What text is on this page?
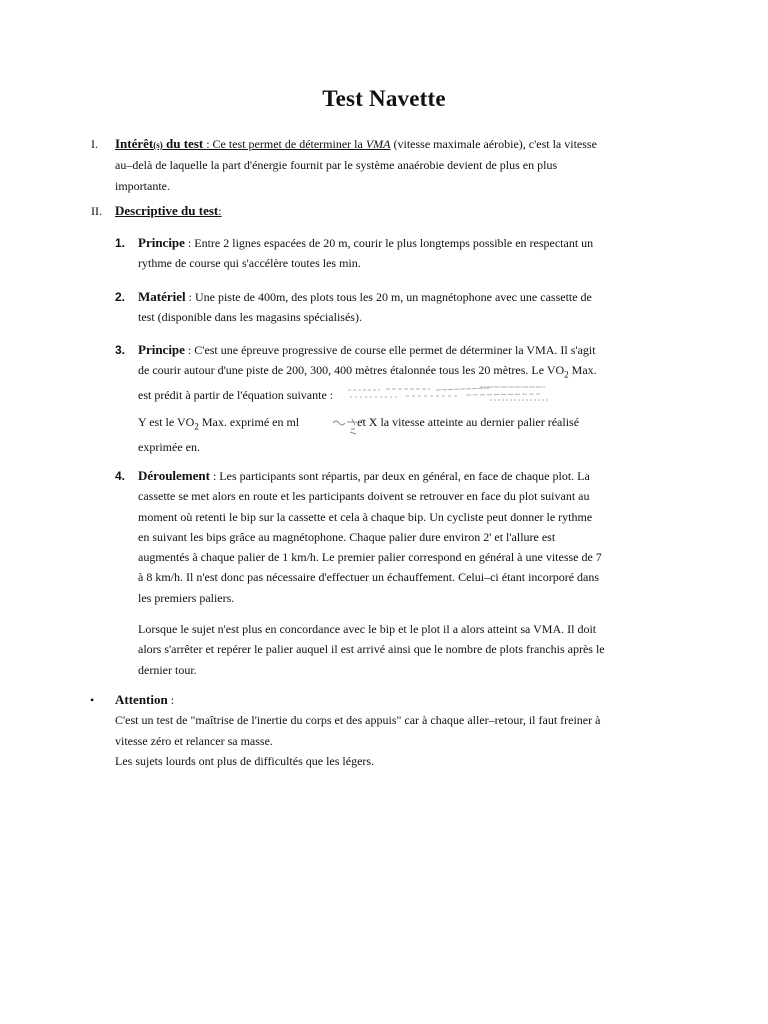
Test Navette
I. Intérêt(s) du test : Ce test permet de déterminer la VMA (vitesse maximale aérobie), c'est la vitesse
au–delà de laquelle la part d'énergie fournit par le système anaérobie devient de plus en plus
importante.
II. Descriptive du test:
1. Principe : Entre 2 lignes espacées de 20 m, courir le plus longtemps possible en respectant un
rythme de course qui s'accélère toutes les min.
2. Matériel : Une piste de 400m, des plots tous les 20 m, un magnétophone avec une cassette de
test (disponible dans les magasins spécialisés).
3. Principe : C'est une épreuve progressive de course elle permet de déterminer la VMA. Il s'agit
de courir autour d'une piste de 200, 300, 400 mètres étalonnée tous les 20 mètres. Le $VO_2$ Max.
est prédit à partir de l'équation suivante :
Y est le $VO_2$ Max. exprimé en ml	et X la vitesse atteinte au dernier palier réalisé
exprimée en.
4. Déroulement : Les participants sont répartis, par deux en général, en face de chaque plot. La
cassette se met alors en route et les participants doivent se retrouver en face du plot suivant au
moment où retenti le bip sur la cassette et cela à chaque bip. Un cycliste peut donner le rythme
en suivant les bips grâce au magnétophone. Chaque palier dure environ 2' et l'allure est
augmentés à chaque palier de 1 km/h. Le premier palier correspond en général à une vitesse de 7
à 8 km/h. Il n'est donc pas nécessaire d'effectuer un échauffement. Celui–ci étant incorporé dans
les premiers paliers.
Lorsque le sujet n'est plus en concordance avec le bip et le plot il a alors atteint sa VMA. Il doit
alors s'arrêter et repérer le palier auquel il est arrivé ainsi que le nombre de plots franchis après le
dernier tour.
• Attention :
C'est un test de "maîtrise de l'inertie du corps et des appuis" car à chaque aller–retour, il faut freiner à
vitesse zéro et relancer sa masse.
Les sujets lourds ont plus de difficultés que les légers.
